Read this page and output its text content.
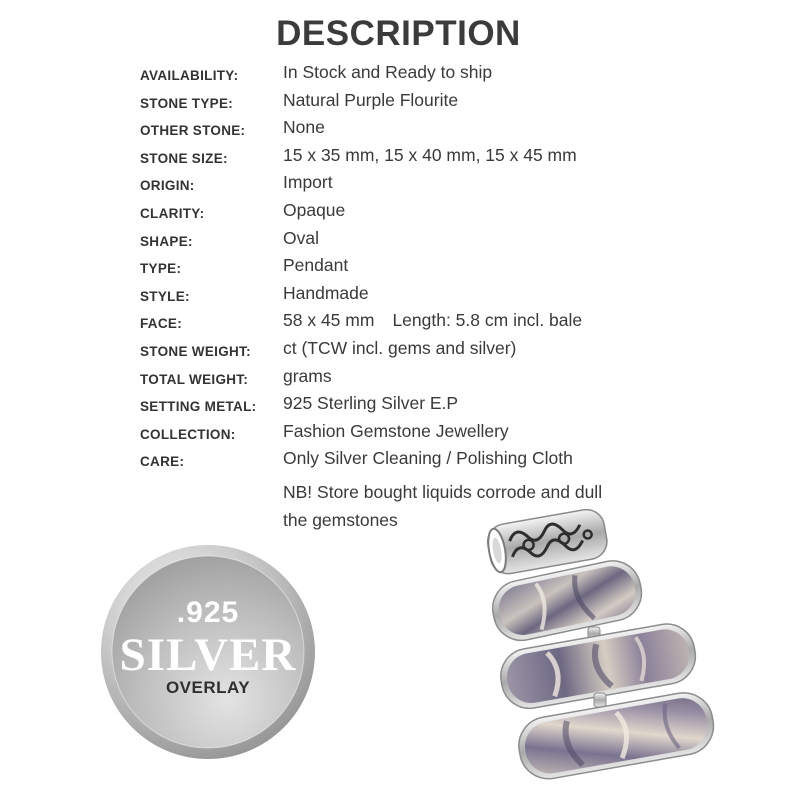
DESCRIPTION
AVAILABILITY:	In Stock and Ready to ship
STONE TYPE:	Natural Purple Flourite
OTHER STONE: None
STONE SIZE:	15 x 35 mm, 15 x 40 mm, 15 x 45 mm
ORIGIN:	Import
CLARITY:	Opaque
SHAPE:	Oval
TYPE:	Pendant
STYLE:	Handmade
FACE:	58 x 45 mm Length: 5.8 cm incl. bale
STONE WEIGHT: ct (TCW incl. gems and silver)
TOTAL WEIGHT: grams
SETTING METAL: 925 Sterling Silver E.P
COLLECTION:	Fashion Gemstone Jewellery
CARE:	Only Silver Cleaning / Polishing Cloth
NB! Store bought liquids corrode and dull
the gemstones
.925
SILVER
OVERLAY
